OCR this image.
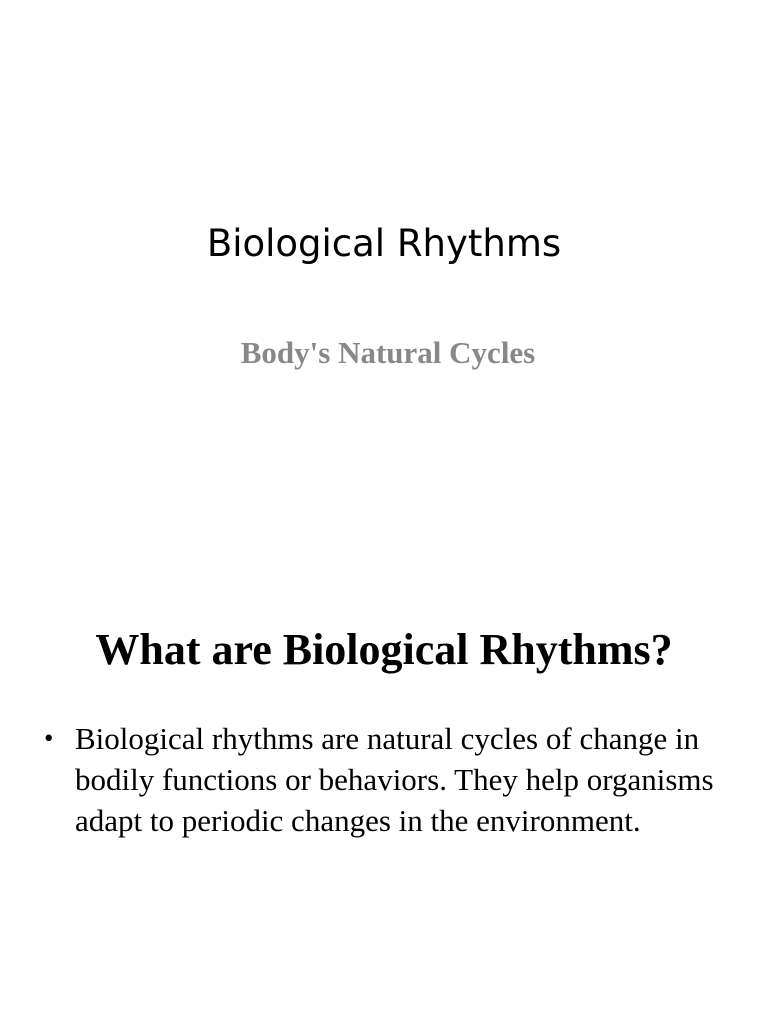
Biological Rhythms

Body's Natural Cycles

What are Biological Rhythms?
• Biological rhythms are natural cycles of change in bodily functions or behaviors. They help organisms adapt to periodic changes in the environment.
